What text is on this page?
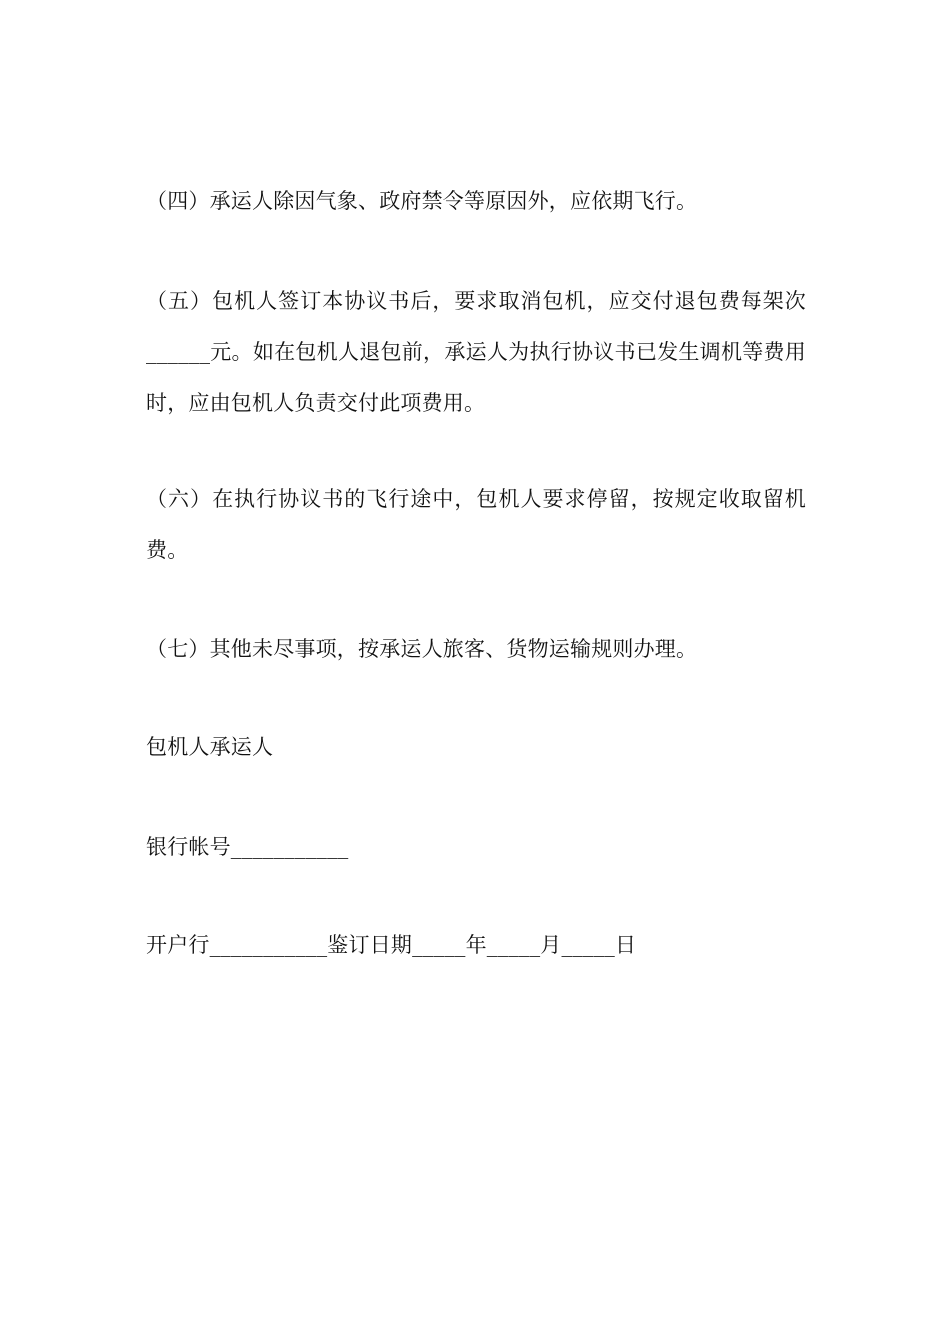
（四）承运人除因气象、政府禁令等原因外，应依期飞行。

（五）包机人签订本协议书后，要求取消包机，应交付退包费每架次______元。如在包机人退包前，承运人为执行协议书已发生调机等费用时，应由包机人负责交付此项费用。

（六）在执行协议书的飞行途中，包机人要求停留，按规定收取留机费。

（七）其他未尽事项，按承运人旅客、货物运输规则办理。

包机人承运人

银行帐号___________

开户行___________鉴订日期_____年_____月_____日
